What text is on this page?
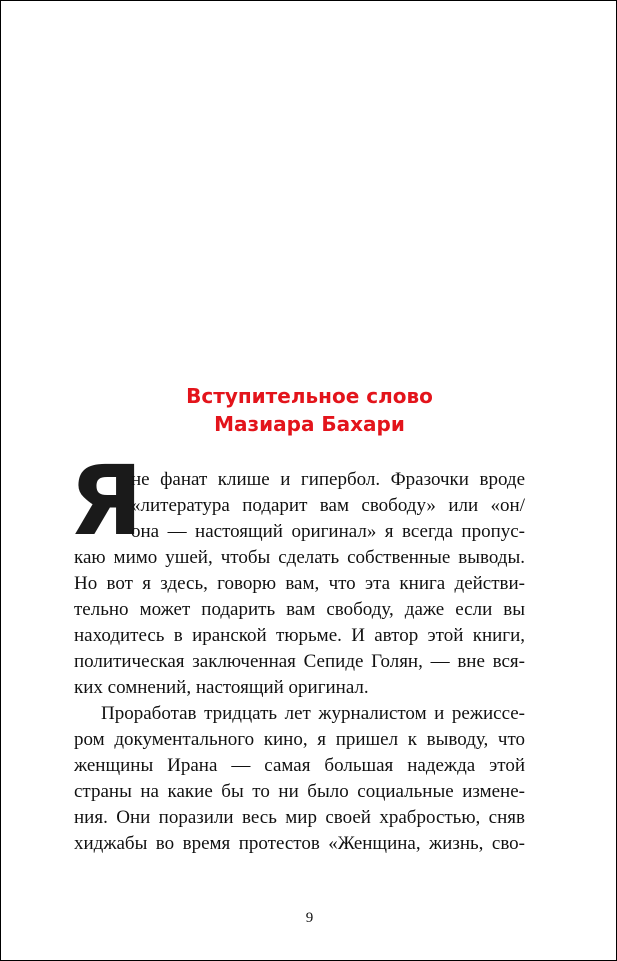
Вступительное слово
Мазиара Бахари
Я
не фанат клише и гипербол. Фразочки вроде
«литература подарит вам свободу» или «он/
она — настоящий оригинал» я всегда пропус-
каю мимо ушей, чтобы сделать собственные выводы.
Но вот я здесь, говорю вам, что эта книга действи-
тельно может подарить вам свободу, даже если вы
находитесь в иранской тюрьме. И автор этой книги,
политическая заключенная Сепиде Голян, — вне вся-
ких сомнений, настоящий оригинал.
Проработав тридцать лет журналистом и режиссе-
ром документального кино, я пришел к выводу, что
женщины Ирана — самая большая надежда этой
страны на какие бы то ни было социальные измене-
ния. Они поразили весь мир своей храбростью, сняв
хиджабы во время протестов «Женщина, жизнь, сво-
9
